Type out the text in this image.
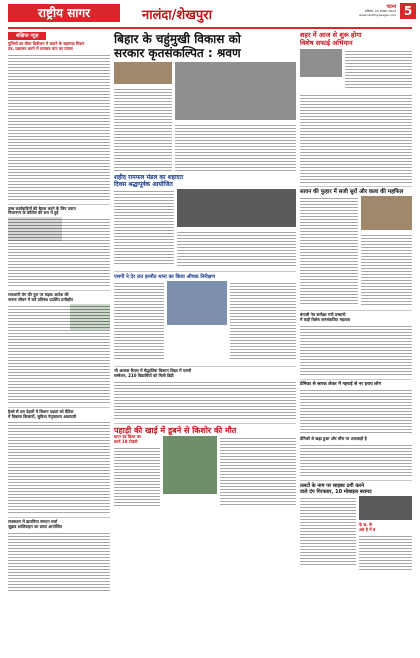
राष्ट्रीय सागर	नालंदा/शेखपुरा
पटना
शनिवार, 24 अगस्त, 2024
www.rashtriyasagar.com 5
संक्षिप्त न्यूज़
पुलिसों का बीमा डिवीजन में बताने के सहायक मिशन
तंत्र, प्रशासन करने में लगाकर पान का प्रयास
उच्च कार्यवाहिनों की बैठक करने के लिए उपाय
निलानगर के कॉलेज की रूप में हुई
राजधानी वेग की पुल पर सड़क आदेश की
जनता जीवन में करें प्रतिबंध प्रदर्शित प्रतीक्षीत
हैश्से से दस देहलों में किशन दक्षता को वैदिक
में विकास किसानों, सुविधा नेतृत्वालय अकादमी
राजस्थान में डालमिया संगठन चर्चा
जुड़ाव शालिवाहन का प्रस्ता आयोजित
बिहार के चहुंमुखी विकास को
सरकार कृतसंकल्पित : श्रवण
शहीद रामफल मंडल का शहादत
दिवस श्रद्धापूर्वक आयोजित
एसपी ने देर रात हरनौत थाना का किया औचक निरीक्षण
भी आवास कैंपस में सैद्धांतिक किसान शिक्षा में एसपी
सम्मेलन, 210 विद्यार्थियों को मिली डिग्री
पहाड़ी की खाई में डूबने से किशोर की मौत
प्राप्त दंड क्रिया का
कार्य 19 टोकरी
शहर में आज से शुरू होगा
विशेष सफाई अभियान
सावन की फुहार में सजी सुरों और कला की महफिल
बंगाली नेत्र समीक्षा गयी प्रस्थानी
में कही विशेष जनसंकलित महलाव
प्रेमिका से सारक लेकर में गहराई से नर हराय लोग
प्रेमिकों से खड़ा हुआ और चौंच पर अफवाहों है
तलटों के नाम पर साइबर ठगी करने
वाले दंप गिरफ्तार, 10 मोबाइल बरामद
के छ. के
अब है में ब
